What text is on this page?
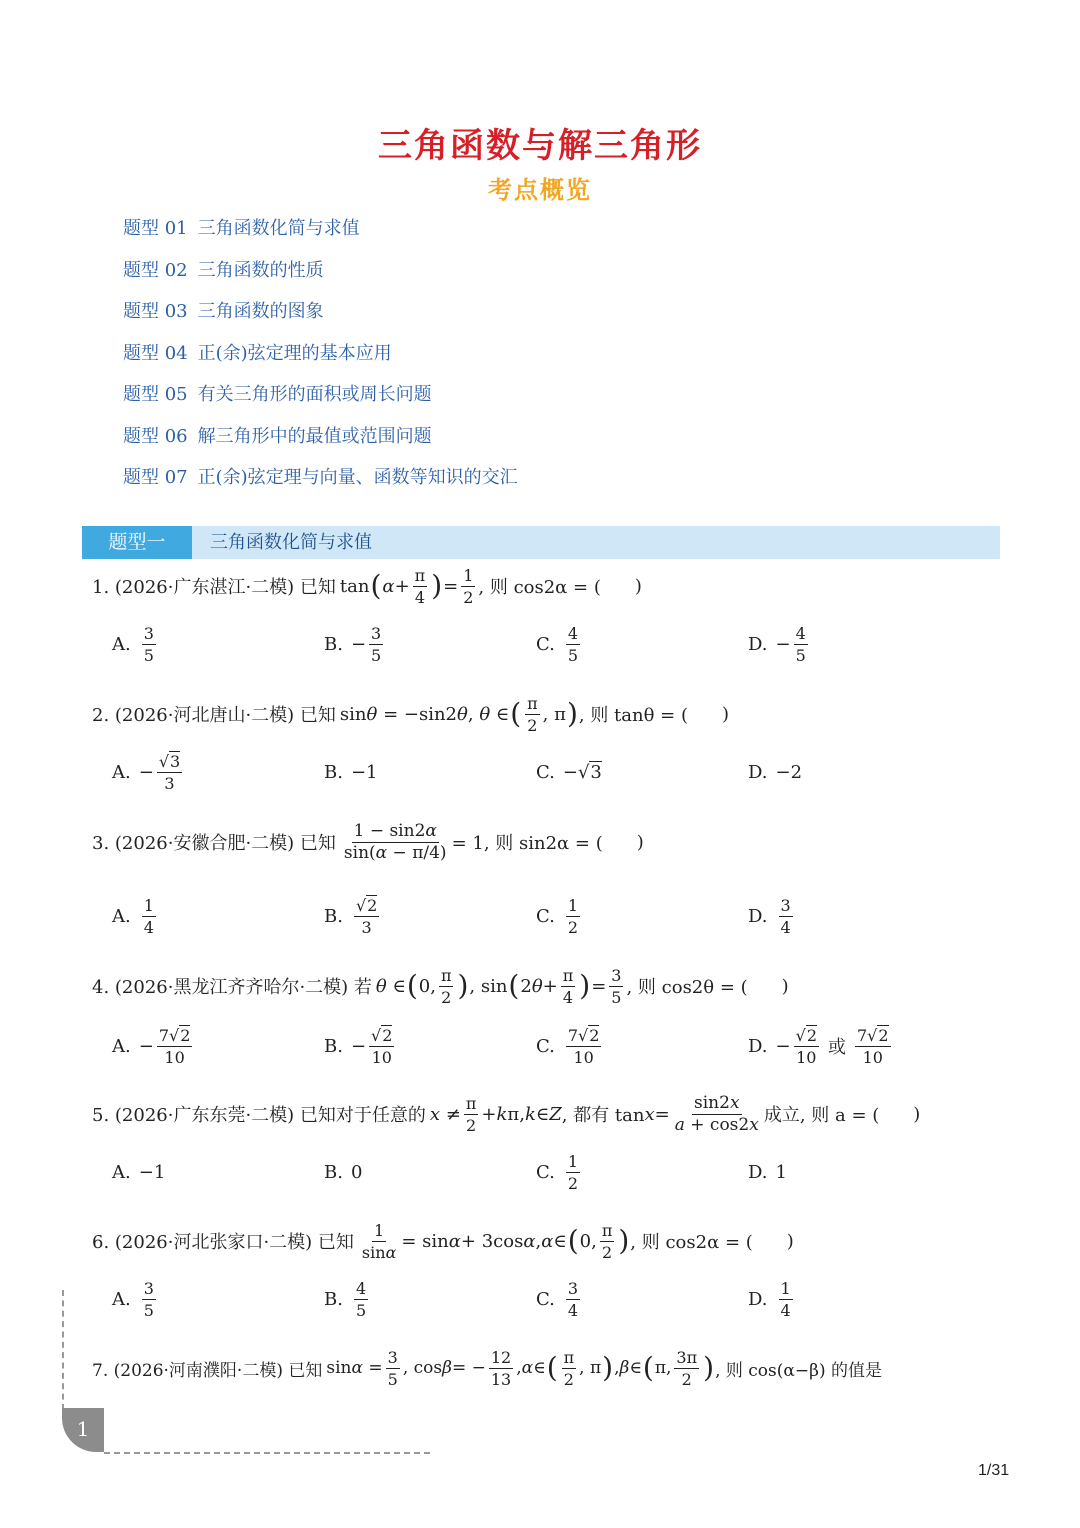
三角函数与解三角形
考点概览
题型 01 三角函数化简与求值
题型 02 三角函数的性质
题型 03 三角函数的图象
题型 04 正(余)弦定理的基本应用
题型 05 有关三角形的面积或周长问题
题型 06 解三角形中的最值或范围问题
题型 07 正(余)弦定理与向量、函数等知识的交汇
题型一	三角函数化简与求值
1. (2026·广东湛江·二模) 已知 tan ( $\alpha + \frac{\pi}{4}$ ) = $\frac{1}{2}$ , 则 cos2α = ( )
A. $\frac{3}{5}$	B. − $\frac{3}{5}$	C. $\frac{4}{5}$	D. − $\frac{4}{5}$
2. (2026·河北唐山·二模) 已知 sinθ = −sin2θ, θ ∈ ( $\frac{\pi}{2}$ , π ) , 则 tanθ = ( )
A. − $\frac{√3}{3}$	B. −1	C. −√ 3	D. −2
3. (2026·安徽合肥·二模) 已知 $\frac{1 - \sin 2\alpha}{\sin(\alpha - \pi/4)} = 1$, 则 sin2α = ( )
A. $\frac{1}{4}$	B. $\frac{√2}{3}$	C. $\frac{1}{2}$	D. $\frac{3}{4}$
4. (2026·黑龙江齐齐哈尔·二模) 若 θ ∈ ( 0, $\frac{\pi}{2}$ ) , sin ( 2 $\theta + \frac{\pi}{4}$ ) = $\frac{3}{5}$ , 则 cos2θ = ( )
A. − $\frac{7√2}{10}$	B. − $\frac{√2}{10}$	C. $\frac{7√2}{10}$	D. − $\frac{√2}{10}$ 或 $\frac{7√2}{10}$
5. (2026·广东东莞·二模) 已知对于任意的 $x \ne \frac{\pi}{2} + k$ π, k ∈ Z , 都有 $\tan x = \frac{\sin 2x}{a + \cos 2x}$ 成立, 则 a = ( )
A. −1	B. 0	C. $\frac{1}{2}$	D. 1
6. (2026·河北张家口·二模) 已知 $\frac{1}{\sin\alpha} = \sin \alpha + 3\cos$ α , α ∈ ( 0, $\frac{\pi}{2}$ ) , 则 cos2α = ( )
A. $\frac{3}{5}$	B. $\frac{4}{5}$	C. $\frac{3}{4}$	D. $\frac{1}{4}$
7. (2026·河南濮阳·二模) 已知 $\sin\alpha = \frac{3}{5}$ , cos β = − $\frac{12}{13}$ , α ∈ ( $\frac{\pi}{2}$ , π ) , β ∈ ( π, $\frac{3\pi}{2}$ ) , 则 cos(α−β) 的值是
1
1/31
